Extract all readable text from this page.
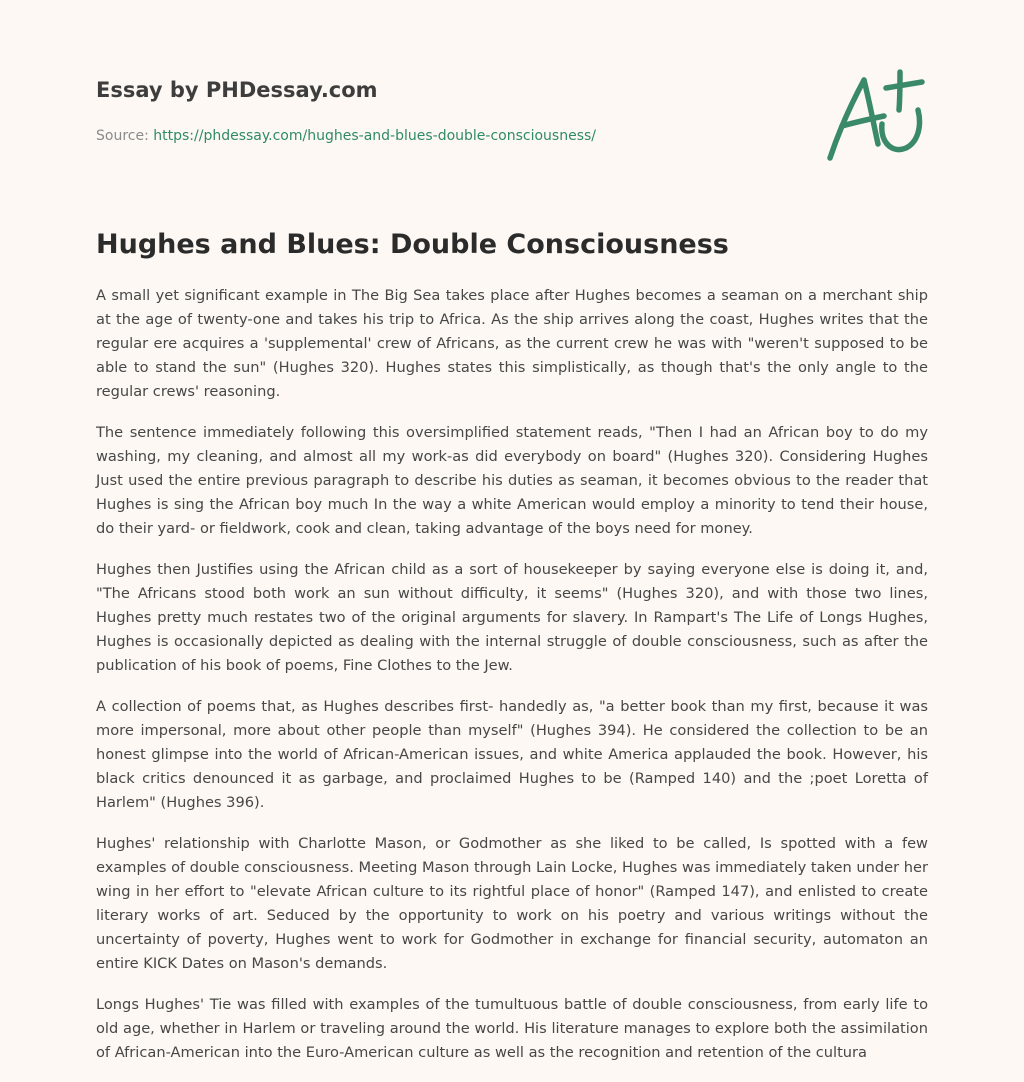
Essay by PHDessay.com
Source: https://phdessay.com/hughes-and-blues-double-consciousness/
Hughes and Blues: Double Consciousness

A small yet significant example in The Big Sea takes place after Hughes becomes a seaman on a merchant ship at the age of twenty-one and takes his trip to Africa. As the ship arrives along the coast, Hughes writes that the regular ere acquires a 'supplemental' crew of Africans, as the current crew he was with "weren't supposed to be able to stand the sun" (Hughes 320). Hughes states this simplistically, as though that's the only angle to the regular crews' reasoning.

The sentence immediately following this oversimplified statement reads, "Then I had an African boy to do my washing, my cleaning, and almost all my work-as did everybody on board" (Hughes 320). Considering Hughes Just used the entire previous paragraph to describe his duties as seaman, it becomes obvious to the reader that Hughes is sing the African boy much In the way a white American would employ a minority to tend their house, do their yard- or fieldwork, cook and clean, taking advantage of the boys need for money.

Hughes then Justifies using the African child as a sort of housekeeper by saying everyone else is doing it, and, "The Africans stood both work an sun without difficulty, it seems" (Hughes 320), and with those two lines, Hughes pretty much restates two of the original arguments for slavery. In Rampart's The Life of Longs Hughes, Hughes is occasionally depicted as dealing with the internal struggle of double consciousness, such as after the publication of his book of poems, Fine Clothes to the Jew.

A collection of poems that, as Hughes describes first- handedly as, "a better book than my first, because it was more impersonal, more about other people than myself" (Hughes 394). He considered the collection to be an honest glimpse into the world of African-American issues, and white America applauded the book. However, his black critics denounced it as garbage, and proclaimed Hughes to be (Ramped 140) and the ;poet Loretta of Harlem" (Hughes 396).

Hughes' relationship with Charlotte Mason, or Godmother as she liked to be called, Is spotted with a few examples of double consciousness. Meeting Mason through Lain Locke, Hughes was immediately taken under her wing in her effort to "elevate African culture to its rightful place of honor" (Ramped 147), and enlisted to create literary works of art. Seduced by the opportunity to work on his poetry and various writings without the uncertainty of poverty, Hughes went to work for Godmother in exchange for financial security, automaton an entire KICK Dates on Mason's demands.

Longs Hughes' Tie was filled with examples of the tumultuous battle of double consciousness, from early life to old age, whether in Harlem or traveling around the world. His literature manages to explore both the assimilation of African-American into the Euro-American culture as well as the recognition and retention of the cultura
